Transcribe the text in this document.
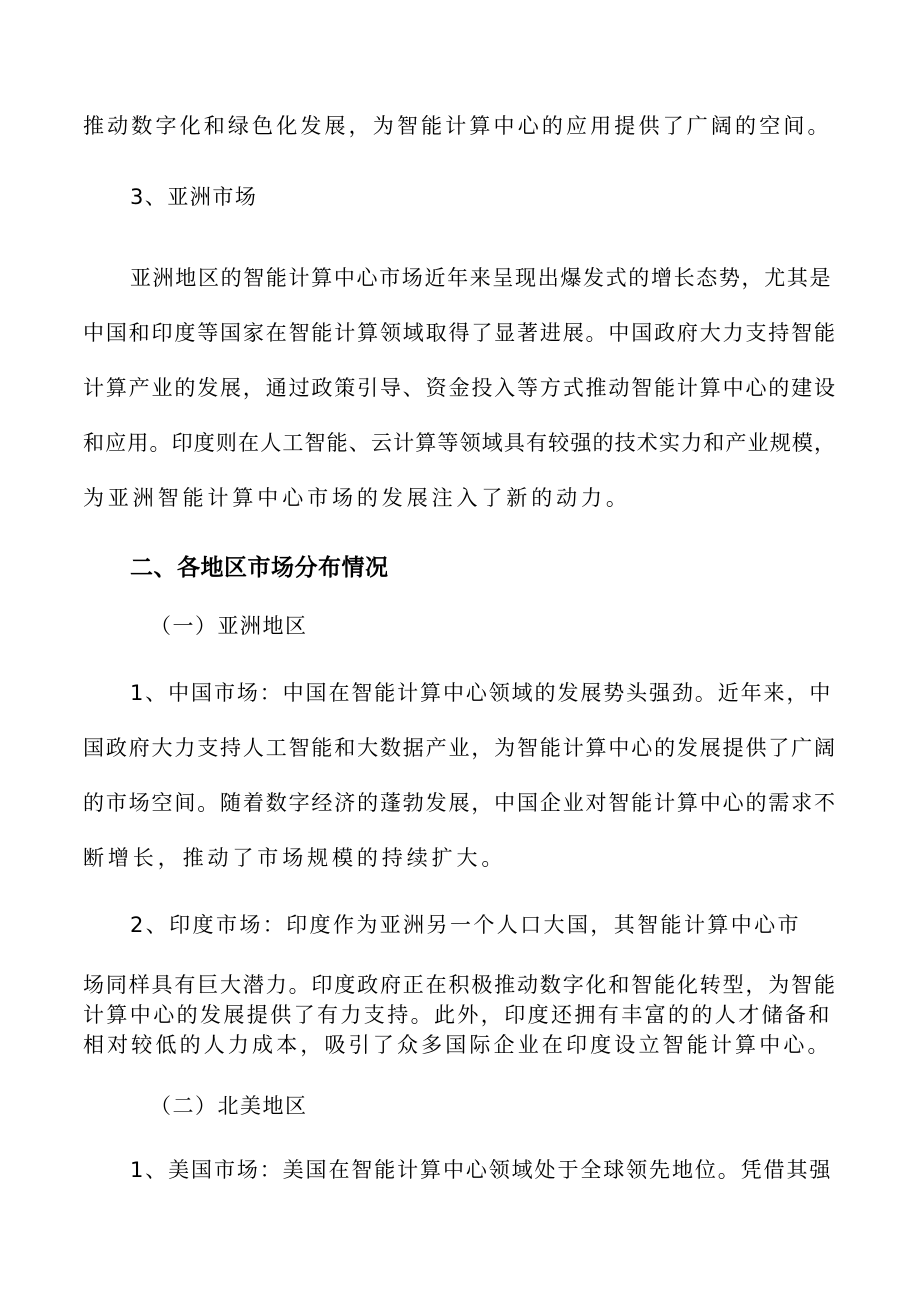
推动数字化和绿色化发展，为智能计算中心的应用提供了广阔的空间。
3、亚洲市场
亚洲地区的智能计算中心市场近年来呈现出爆发式的增长态势，尤其是
中国和印度等国家在智能计算领域取得了显著进展。中国政府大力支持智能
计算产业的发展，通过政策引导、资金投入等方式推动智能计算中心的建设
和应用。印度则在人工智能、云计算等领域具有较强的技术实力和产业规模，
为亚洲智能计算中心市场的发展注入了新的动力。
二、各地区市场分布情况
（一）亚洲地区
1、中国市场：中国在智能计算中心领域的发展势头强劲。近年来，中
国政府大力支持人工智能和大数据产业，为智能计算中心的发展提供了广阔
的市场空间。随着数字经济的蓬勃发展，中国企业对智能计算中心的需求不
断增长，推动了市场规模的持续扩大。
2、印度市场：印度作为亚洲另一个人口大国，其智能计算中心市
场同样具有巨大潜力。印度政府正在积极推动数字化和智能化转型，为智能
计算中心的发展提供了有力支持。此外，印度还拥有丰富的的人才储备和
相对较低的人力成本，吸引了众多国际企业在印度设立智能计算中心。
（二）北美地区
1、美国市场：美国在智能计算中心领域处于全球领先地位。凭借其强
